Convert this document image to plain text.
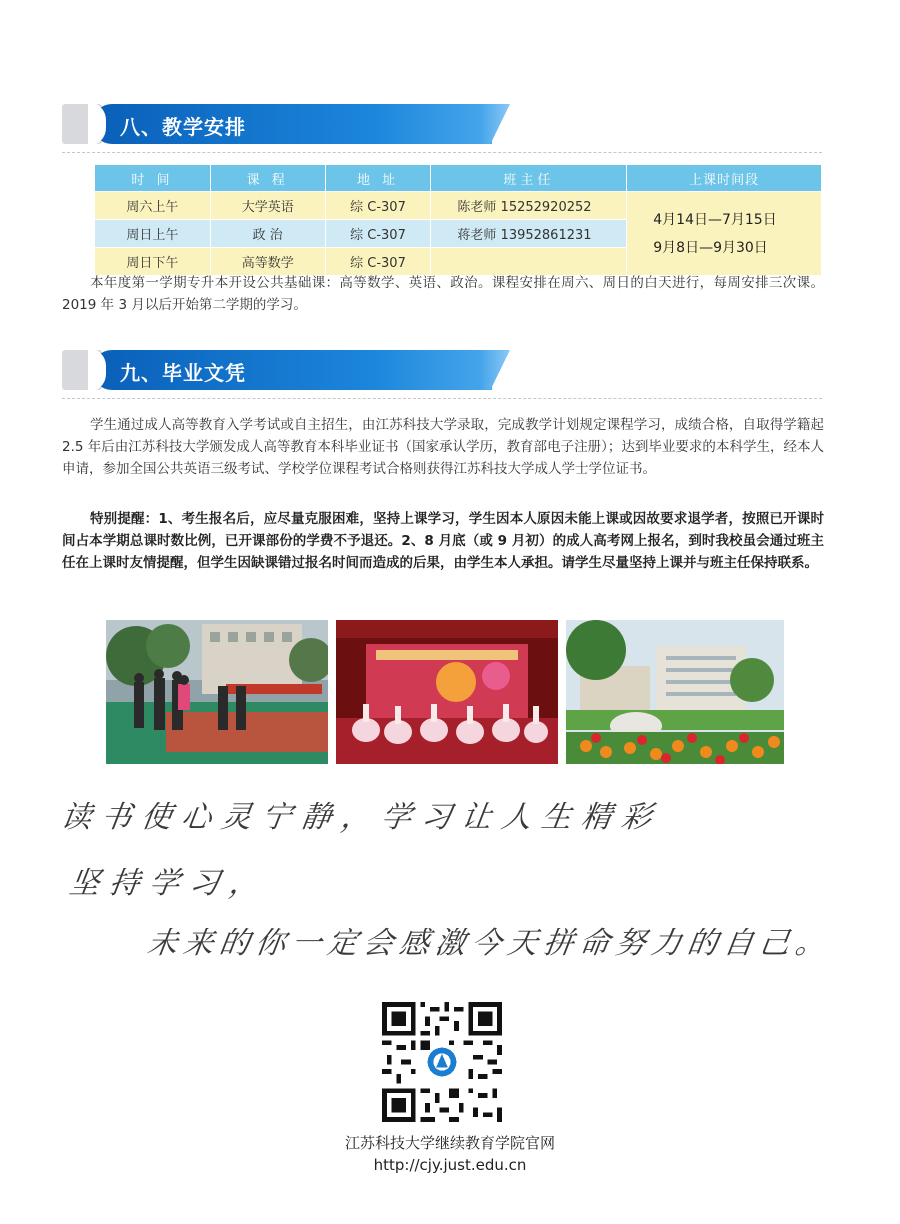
八、教学安排
时 间	课 程	地 址	班主任	上课时间段
周六上午	大学英语	综 C-307	陈老师 15252920252	4月14日—7月15日
9月8日—9月30日

周日上午	政 治	综 C-307	蒋老师 13952861231	
周日下午	高等数学	综 C-307		

本年度第一学期专升本开设公共基础课：高等数学、英语、政治。课程安排在周六、周日的白天进行，每周安排三次课。2019 年 3 月以后开始第二学期的学习。

九、毕业文凭

学生通过成人高等教育入学考试或自主招生，由江苏科技大学录取，完成教学计划规定课程学习，成绩合格，自取得学籍起 2.5 年后由江苏科技大学颁发成人高等教育本科毕业证书（国家承认学历，教育部电子注册）；达到毕业要求的本科学生，经本人申请，参加全国公共英语三级考试、学校学位课程考试合格则获得江苏科技大学成人学士学位证书。

特别提醒：1、考生报名后，应尽量克服困难，坚持上课学习，学生因本人原因未能上课或因故要求退学者，按照已开课时间占本学期总课时数比例，已开课部份的学费不予退还。2、8 月底（或 9 月初）的成人高考网上报名，到时我校虽会通过班主任在上课时友情提醒，但学生因缺课错过报名时间而造成的后果，由学生本人承担。请学生尽量坚持上课并与班主任保持联系。

读书使心灵宁静，学习让人生精彩

坚持学习，

未来的你一定会感激今天拼命努力的自己。

江苏科技大学继续教育学院官网
http://cjy.just.edu.cn
